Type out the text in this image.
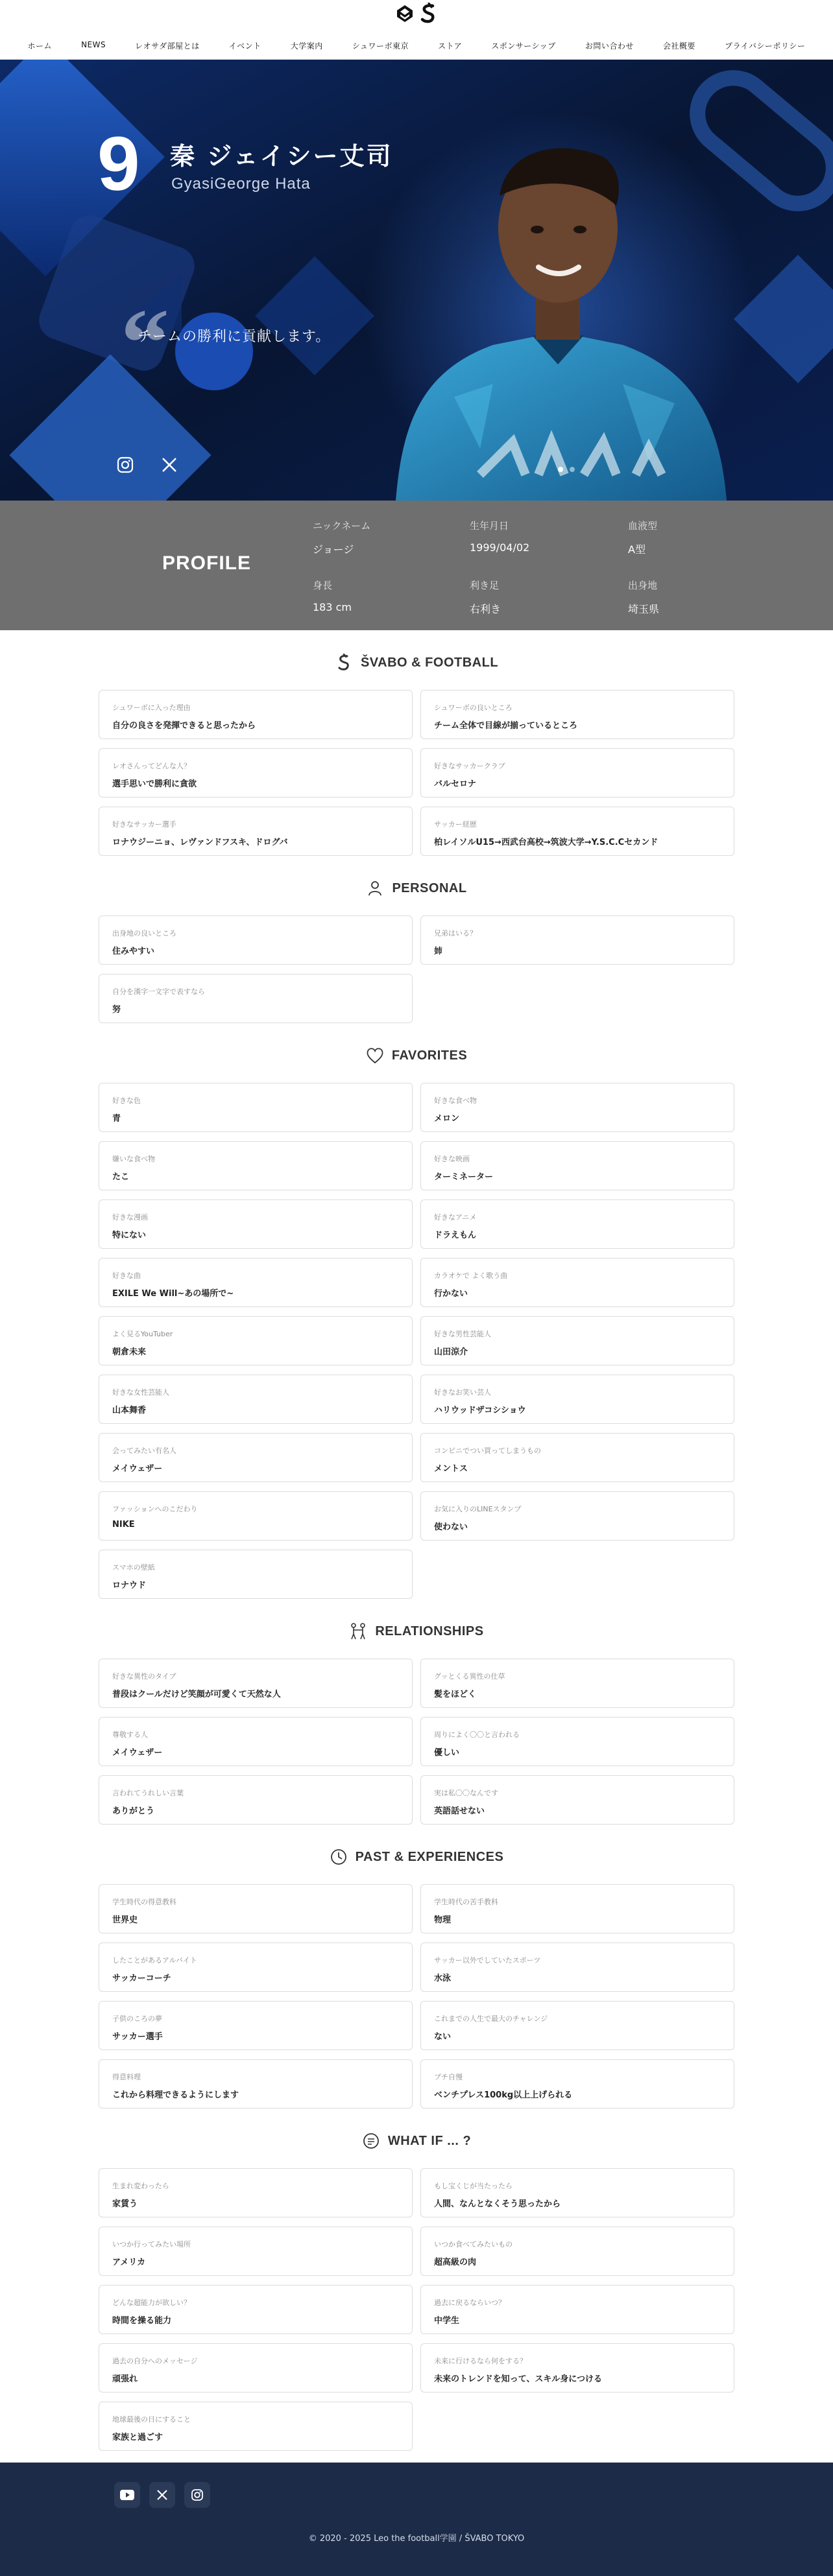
ホーム	NEWS	レオサダ部屋とは	イベント	大学案内	シュワーボ東京	ストア	スポンサーシップ	お問い合わせ	会社概要	プライバシーポリシー
9 秦 ジェイシー丈司
GyasiGeorge Hata
“
チームの勝利に貢献します。
PROFILE
ニックネーム
ジョージ
生年月日
1999/04/02
血液型
A型
身長
183 cm
利き足
右利き
出身地
埼玉県
ŠVABO & FOOTBALL
シュワーボに入った理由
自分の良さを発揮できると思ったから
シュワーボの良いところ
チーム全体で目線が揃っているところ
レオさんってどんな人？
選手思いで勝利に貪欲
好きなサッカークラブ
バルセロナ
好きなサッカー選手
ロナウジーニョ、レヴァンドフスキ、ドログバ
サッカー経歴
柏レイソルU15→西武台高校→筑波大学→Y.S.C.Cセカンド
PERSONAL
出身地の良いところ
住みやすい
兄弟はいる？
姉
自分を漢字一文字で表すなら
努
FAVORITES
好きな色
青
好きな食べ物
メロン
嫌いな食べ物
たこ
好きな映画
ターミネーター
好きな漫画
特にない
好きなアニメ
ドラえもん
好きな曲
EXILE We Will~あの場所で~
カラオケで よく歌う曲
行かない
よく見るYouTuber
朝倉未来
好きな男性芸能人
山田涼介
好きな女性芸能人
山本舞香
好きなお笑い芸人
ハリウッドザコシショウ
会ってみたい有名人
メイウェザー
コンビニでつい買ってしまうもの
メントス
ファッションへのこだわり
NIKE
お気に入りのLINEスタンプ
使わない
スマホの壁紙
ロナウド
RELATIONSHIPS
好きな異性のタイプ
普段はクールだけど笑顔が可愛くて天然な人
グッとくる異性の仕草
髪をほどく
尊敬する人
メイウェザー
周りによく〇〇と言われる
優しい
言われてうれしい言葉
ありがとう
実は私〇〇なんです
英語話せない
PAST & EXPERIENCES
学生時代の得意教科
世界史
学生時代の苦手教科
物理
したことがあるアルバイト
サッカーコーチ
サッカー以外でしていたスポーツ
水泳
子供のころの夢
サッカー選手
これまでの人生で最大のチャレンジ
ない
得意料理
これから料理できるようにします
プチ自慢
ベンチプレス100kg以上上げられる
WHAT IF ... ?
生まれ変わったら
家賃う
もし宝くじが当たったら
人間、なんとなくそう思ったから
いつか行ってみたい場所
アメリカ
いつか食べてみたいもの
超高級の肉
どんな超能力が欲しい？
時間を操る能力
過去に戻るならいつ？
中学生
過去の自分へのメッセージ
頑張れ
未来に行けるなら何をする？
未来のトレンドを知って、スキル身につける
地球最後の日にすること
家族と過ごす
© 2020 - 2025 Leo the football学園 / ŠVABO TOKYO
